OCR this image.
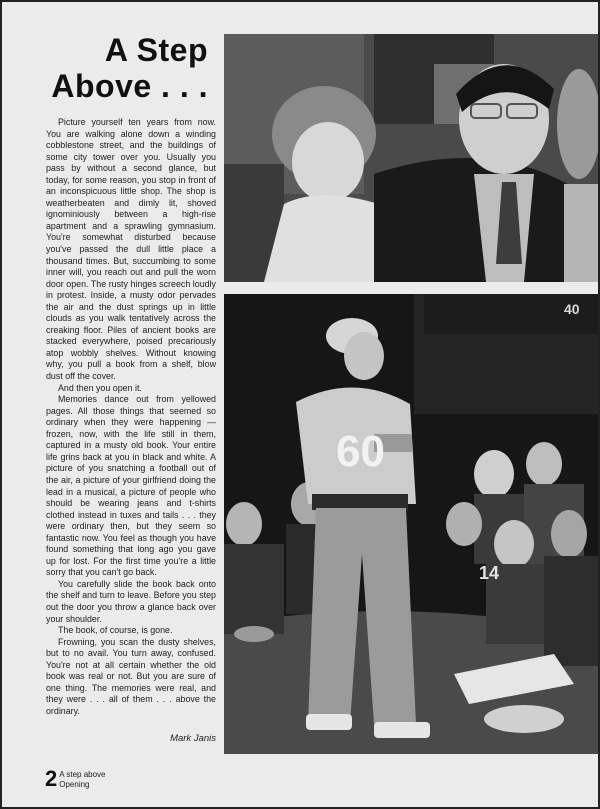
A Step
Above . . .

Picture yourself ten years from now. You are walking alone down a winding cobblestone street, and the buildings of some city tower over you. Usually you pass by without a second glance, but today, for some reason, you stop in front of an inconspicuous little shop. The shop is weatherbeaten and dimly lit, shoved ignominiously between a high-rise apartment and a sprawling gymnasium. You're somewhat disturbed because you've passed the dull little place a thousand times. But, succumbing to some inner will, you reach out and pull the worn door open. The rusty hinges screech loudly in protest. Inside, a musty odor pervades the air and the dust springs up in little clouds as you walk tentatively across the creaking floor. Piles of ancient books are stacked everywhere, poised precariously atop wobbly shelves. Without knowing why, you pull a book from a shelf, blow dust off the cover.

And then you open it.

Memories dance out from yellowed pages. All those things that seemed so ordinary when they were happening — frozen, now, with the life still in them, captured in a musty old book. Your entire life grins back at you in black and white. A picture of you snatching a football out of the air, a picture of your girlfriend doing the lead in a musical, a picture of people who should be wearing jeans and t-shirts clothed instead in tuxes and tails . . . they were ordinary then, but they seem so fantastic now. You feel as though you have found something that long ago you gave up for lost. For the first time you're a little sorry that you can't go back.

You carefully slide the book back onto the shelf and turn to leave. Before you step out the door you throw a glance back over your shoulder.

The book, of course, is gone.

Frowning, you scan the dusty shelves, but to no avail. You turn away, confused. You're not at all certain whether the old book was real or not. But you are sure of one thing. The memories were real, and they were . . . all of them . . . above the ordinary.

Mark Janis
60
40
14
2 A step above
Opening
